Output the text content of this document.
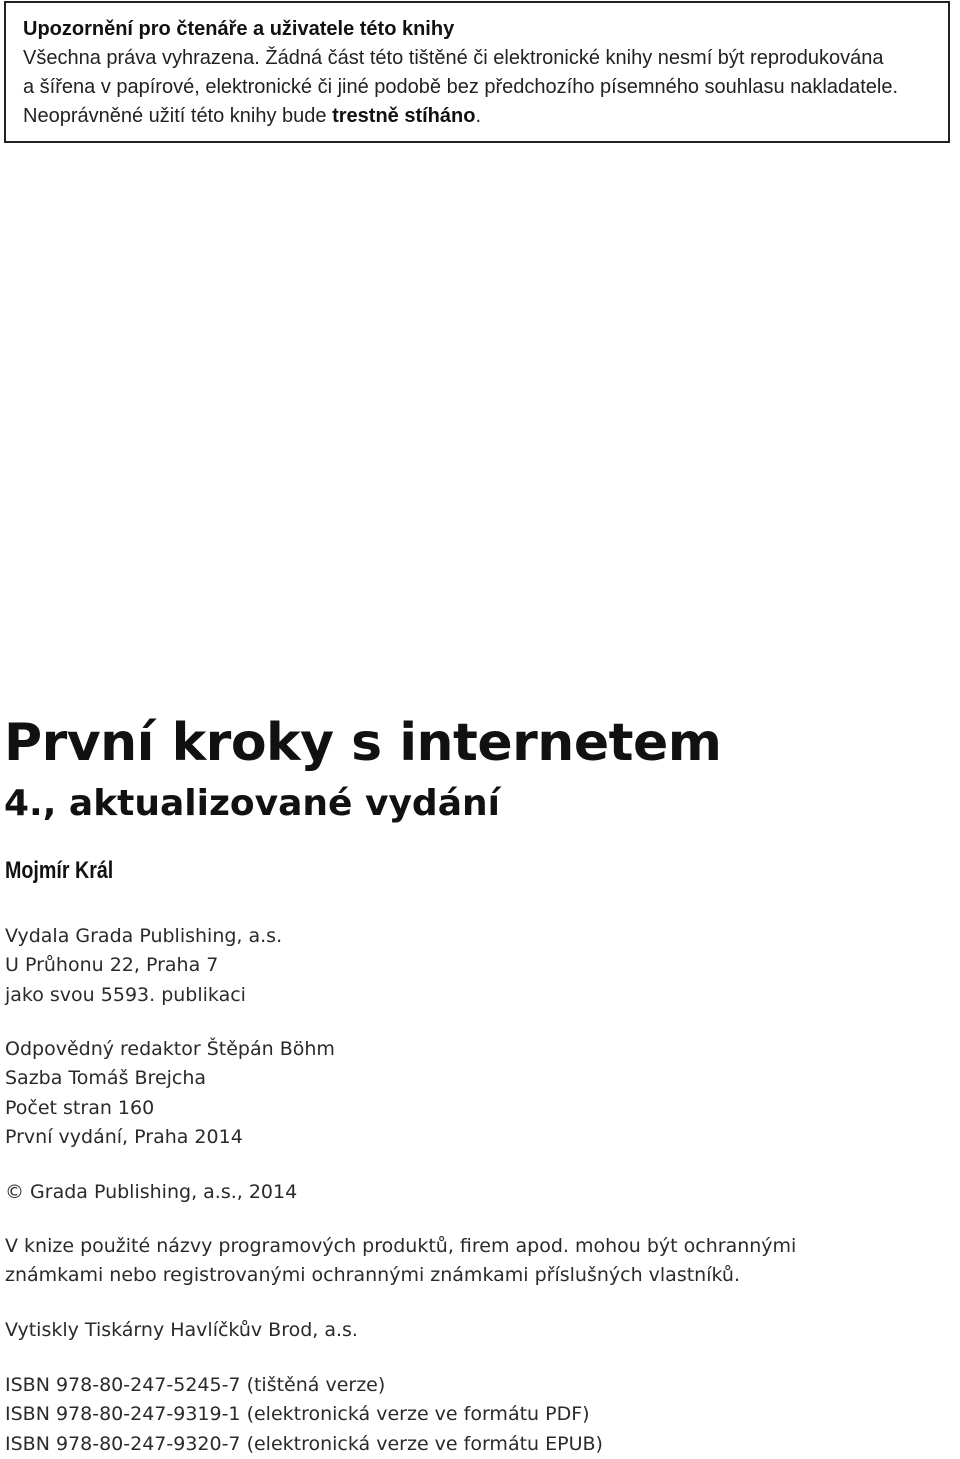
Upozornění pro čtenáře a uživatele této knihy

Všechna práva vyhrazena. Žádná část této tištěné či elektronické knihy nesmí být reprodukována

a šířena v papírové, elektronické či jiné podobě bez předchozího písemného souhlasu nakladatele.

Neoprávněné užití této knihy bude trestně stíháno.

První kroky s internetem
4., aktualizované vydání
Mojmír Král

Vydala Grada Publishing, a.s.

U Průhonu 22, Praha 7

jako svou 5593. publikaci

Odpovědný redaktor Štěpán Böhm

Sazba Tomáš Brejcha

Počet stran 160

První vydání, Praha 2014

© Grada Publishing, a.s., 2014

V knize použité názvy programových produktů, firem apod. mohou být ochrannými

známkami nebo registrovanými ochrannými známkami příslušných vlastníků.

Vytiskly Tiskárny Havlíčkův Brod, a.s.

ISBN 978-80-247-5245-7 (tištěná verze)

ISBN 978-80-247-9319-1 (elektronická verze ve formátu PDF)

ISBN 978-80-247-9320-7 (elektronická verze ve formátu EPUB)
